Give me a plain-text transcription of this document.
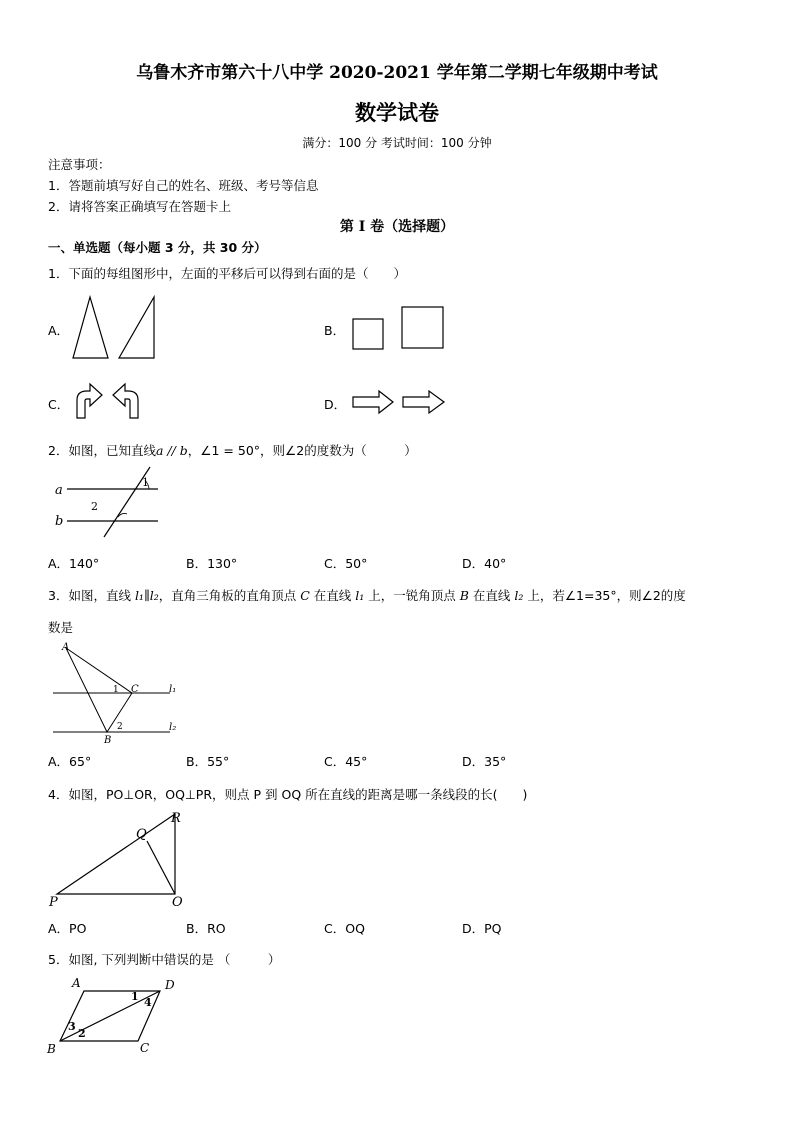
乌鲁木齐市第六十八中学 2020-2021 学年第二学期七年级期中考试
数学试卷
满分：100 分 考试时间：100 分钟
注意事项：
1．答题前填写好自己的姓名、班级、考号等信息
2．请将答案正确填写在答题卡上
第 I 卷（选择题）
一、单选题（每小题 3 分，共 30 分）
1．下面的每组图形中，左面的平移后可以得到右面的是（　　）
A．	B．
C．	D．
2．如图，已知直线a // b，∠1 = 50°，则∠2的度数为（　　　）
a
b
1
2
A．140°	B．130°	C．50°	D．40°
3．如图，直线 l₁∥l₂，直角三角板的直角顶点 C 在直线 l₁ 上，一锐角顶点 B 在直线 l₂ 上，若∠1=35°，则∠2的度
数是
A
1 C	l₁
2
B
l₂
A．65°	B．55°	C．45°	D．35°
4．如图，PO⊥OR，OQ⊥PR，则点 P 到 OQ 所在直线的距离是哪一条线段的长(　　)
Q
R
P	O
A．PO	B．RO	C．OQ	D．PQ
5．如图, 下列判断中错误的是 （　　　）
A	D
1 4
3
2
B	C
